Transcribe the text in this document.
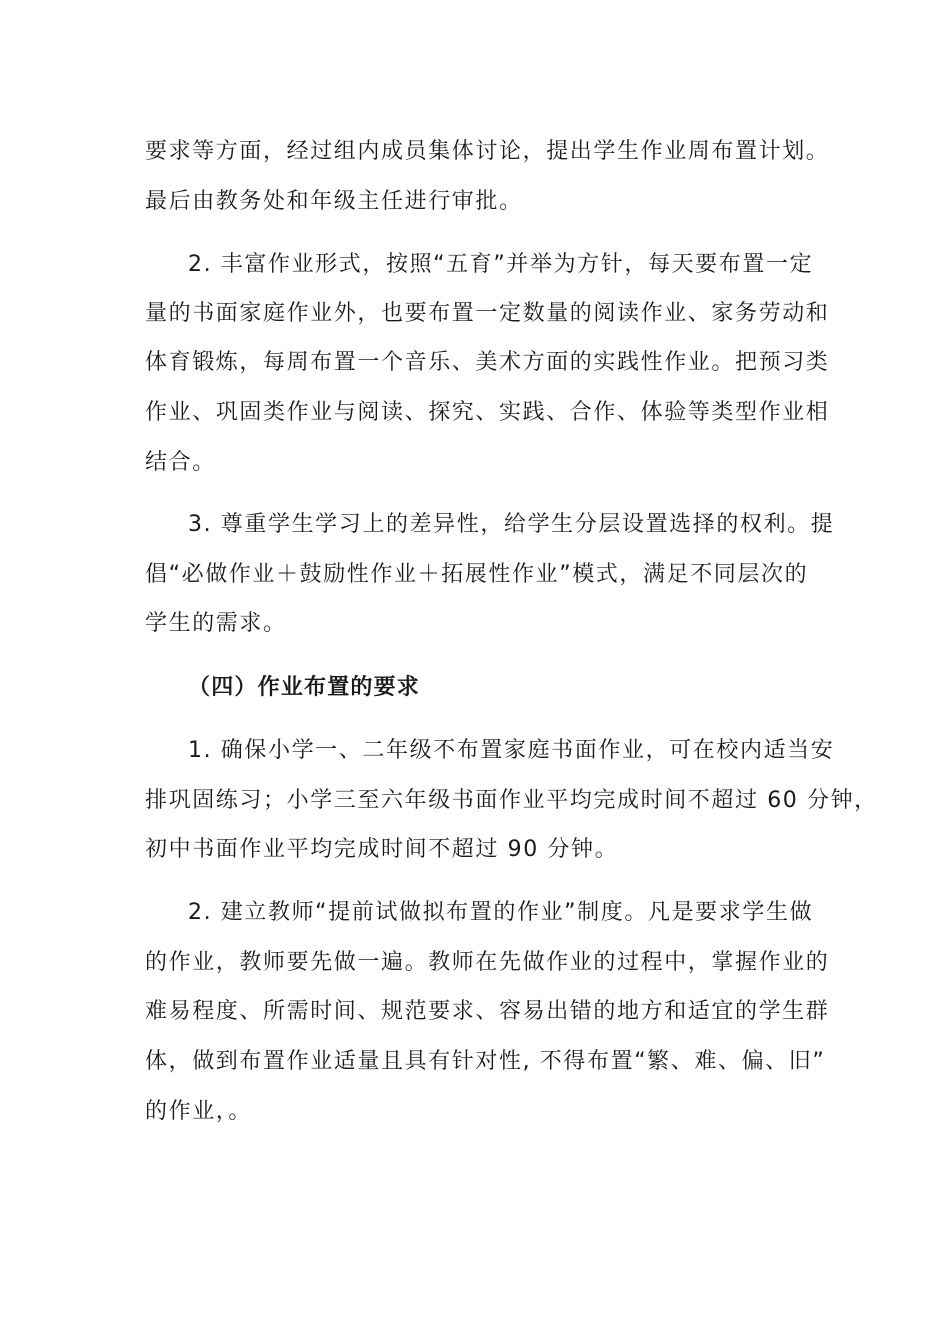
要求等方面，经过组内成员集体讨论，提出学生作业周布置计划。
最后由教务处和年级主任进行审批。
2. 丰富作业形式，按照“五育”并举为方针，每天要布置一定
量的书面家庭作业外，也要布置一定数量的阅读作业、家务劳动和
体育锻炼，每周布置一个音乐、美术方面的实践性作业。把预习类
作业、巩固类作业与阅读、探究、实践、合作、体验等类型作业相
结合。
3. 尊重学生学习上的差异性，给学生分层设置选择的权利。提
倡“必做作业＋鼓励性作业＋拓展性作业”模式，满足不同层次的
学生的需求。
（四）作业布置的要求
1. 确保小学一、二年级不布置家庭书面作业，可在校内适当安
排巩固练习；小学三至六年级书面作业平均完成时间不超过 60 分钟，
初中书面作业平均完成时间不超过 90 分钟。
2. 建立教师“提前试做拟布置的作业”制度。凡是要求学生做
的作业，教师要先做一遍。教师在先做作业的过程中，掌握作业的
难易程度、所需时间、规范要求、容易出错的地方和适宜的学生群
体，做到布置作业适量且具有针对性, 不得布置“繁、难、偏、旧”
的作业，。
